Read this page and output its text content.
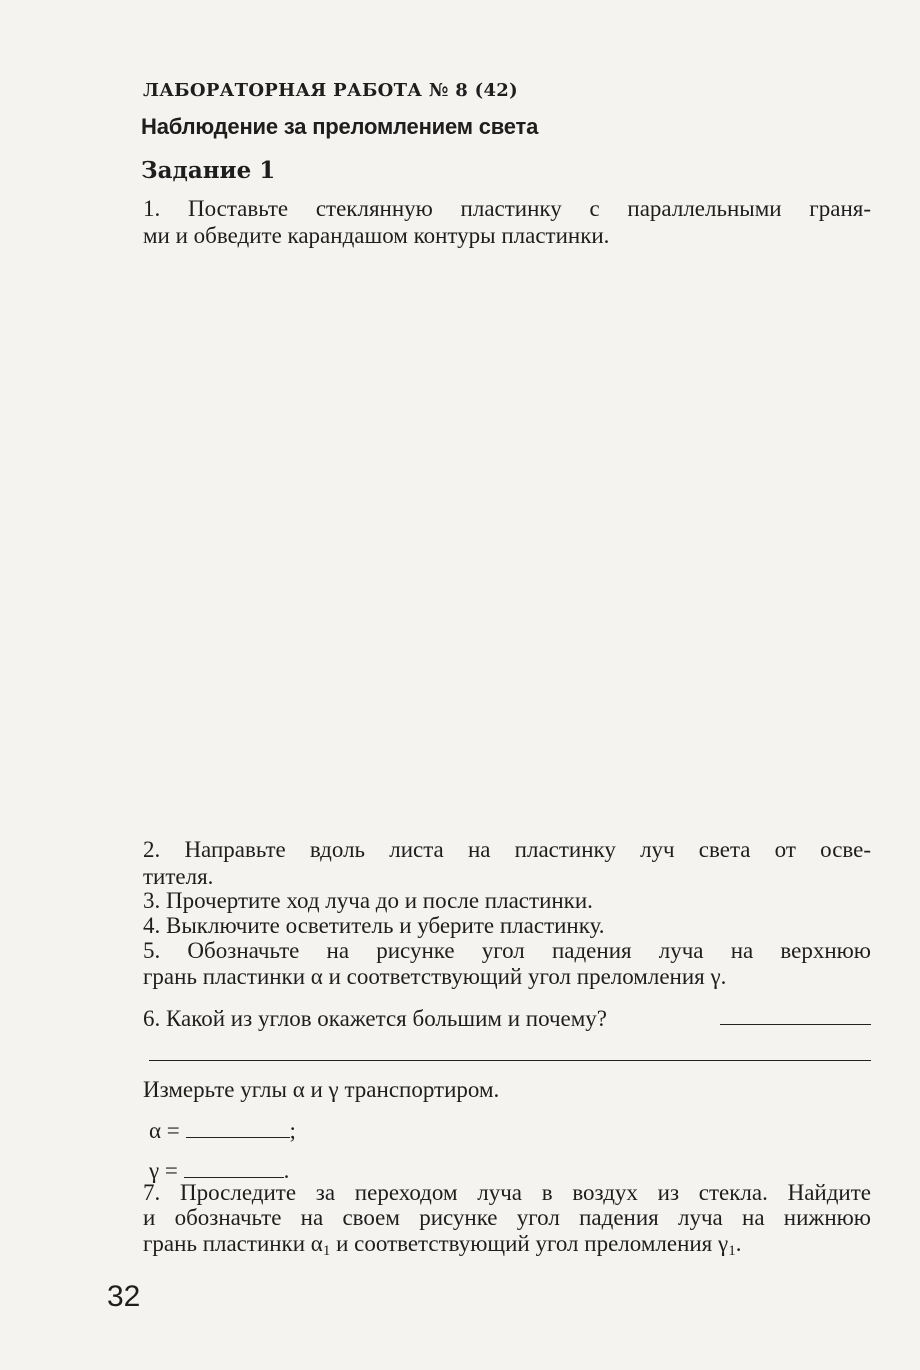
ЛАБОРАТОРНАЯ РАБОТА № 8 (42)
Наблюдение за преломлением света
Задание 1
1. Поставьте стеклянную пластинку с параллельными граня-
ми и обведите карандашом контуры пластинки.
2. Направьте вдоль листа на пластинку луч света от осве-
тителя.
3. Прочертите ход луча до и после пластинки.
4. Выключите осветитель и уберите пластинку.
5. Обозначьте на рисунке угол падения луча на верхнюю
грань пластинки α и соответствующий угол преломления γ.
6. Какой из углов окажется большим и почему?
Измерьте углы α и γ транспортиром.
α =	;
γ =	.
7. Проследите за переходом луча в воздух из стекла. Найдите
и обозначьте на своем рисунке угол падения луча на нижнюю
грань пластинки $\alpha_1$ и соответствующий угол преломления $\gamma_1$.
32
